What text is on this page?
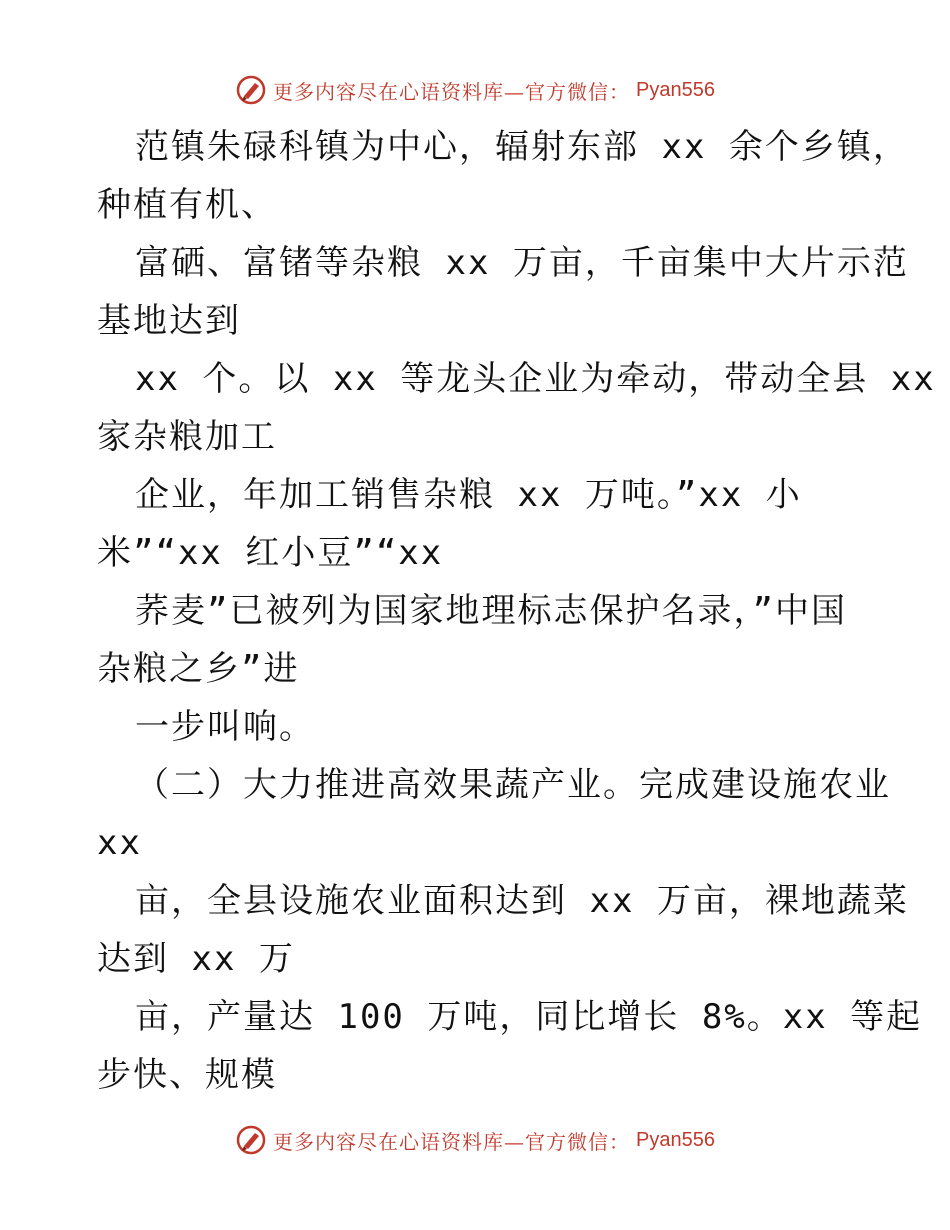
更多内容尽在心语资料库—官方微信： Pyan556
范镇朱碌科镇为中心，辐射东部 xx 余个乡镇，
种植有机、
富硒、富锗等杂粮 xx 万亩，千亩集中大片示范
基地达到
xx 个。以 xx 等龙头企业为牵动，带动全县 xx
家杂粮加工
企业，年加工销售杂粮 xx 万吨。”xx 小
米”“xx 红小豆”“xx
荞麦”已被列为国家地理标志保护名录，”中国
杂粮之乡”进
一步叫响。
（二）大力推进高效果蔬产业。完成建设施农业
xx
亩，全县设施农业面积达到 xx 万亩，裸地蔬菜
达到 xx 万
亩，产量达 100 万吨，同比增长 8%。xx 等起
步快、规模
更多内容尽在心语资料库—官方微信： Pyan556
